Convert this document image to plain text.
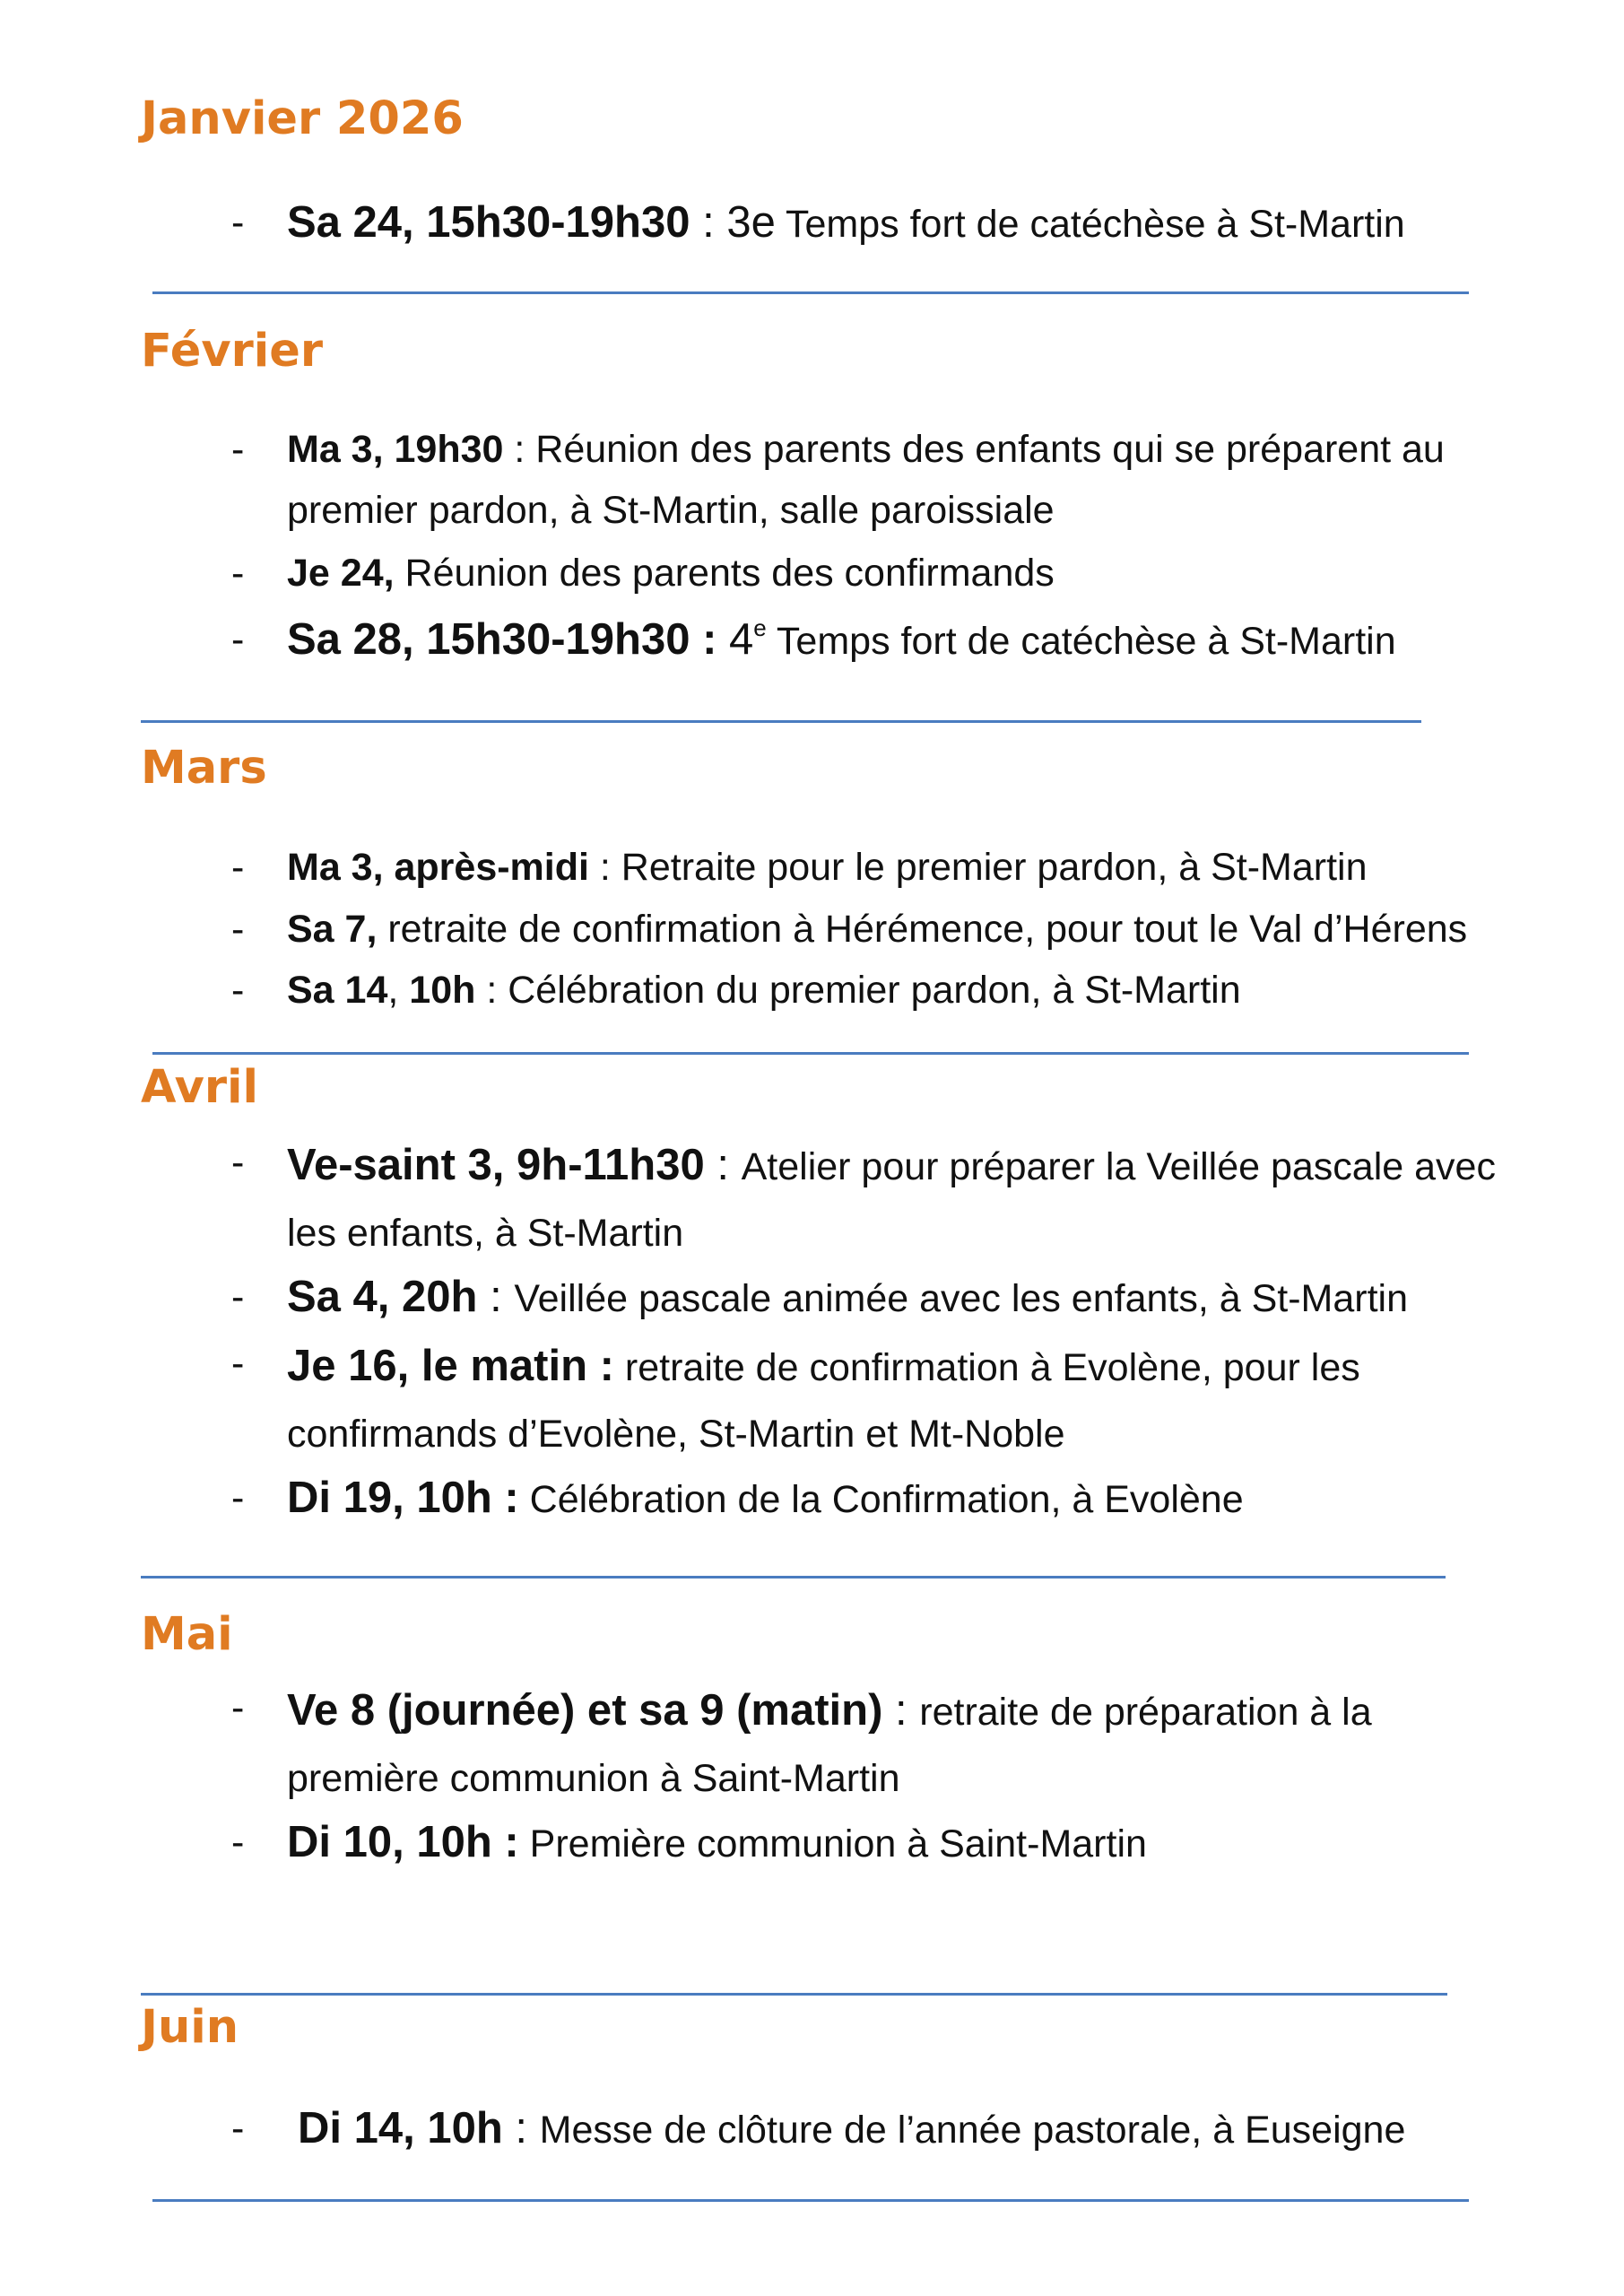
Janvier 2026
- Sa 24, 15h30-19h30 : 3e Temps fort de catéchèse à St-Martin
Février
- Ma 3, 19h30 : Réunion des parents des enfants qui se préparent au premier pardon, à St-Martin, salle paroissiale
- Je 24, Réunion des parents des confirmands
- Sa 28, 15h30-19h30 : 4e Temps fort de catéchèse à St-Martin
Mars
- Ma 3, après-midi : Retraite pour le premier pardon, à St-Martin
- Sa 7, retraite de confirmation à Hérémence, pour tout le Val d’Hérens
- Sa 14, 10h : Célébration du premier pardon, à St-Martin
Avril
- Ve-saint 3, 9h-11h30 : Atelier pour préparer la Veillée pascale avec les enfants, à St-Martin
- Sa 4, 20h : Veillée pascale animée avec les enfants, à St-Martin
- Je 16, le matin : retraite de confirmation à Evolène, pour les confirmands d’Evolène, St-Martin et Mt-Noble
- Di 19, 10h : Célébration de la Confirmation, à Evolène
Mai
- Ve 8 (journée) et sa 9 (matin) : retraite de préparation à la première communion à Saint-Martin
- Di 10, 10h : Première communion à Saint-Martin
Juin
- Di 14, 10h : Messe de clôture de l’année pastorale, à Euseigne
